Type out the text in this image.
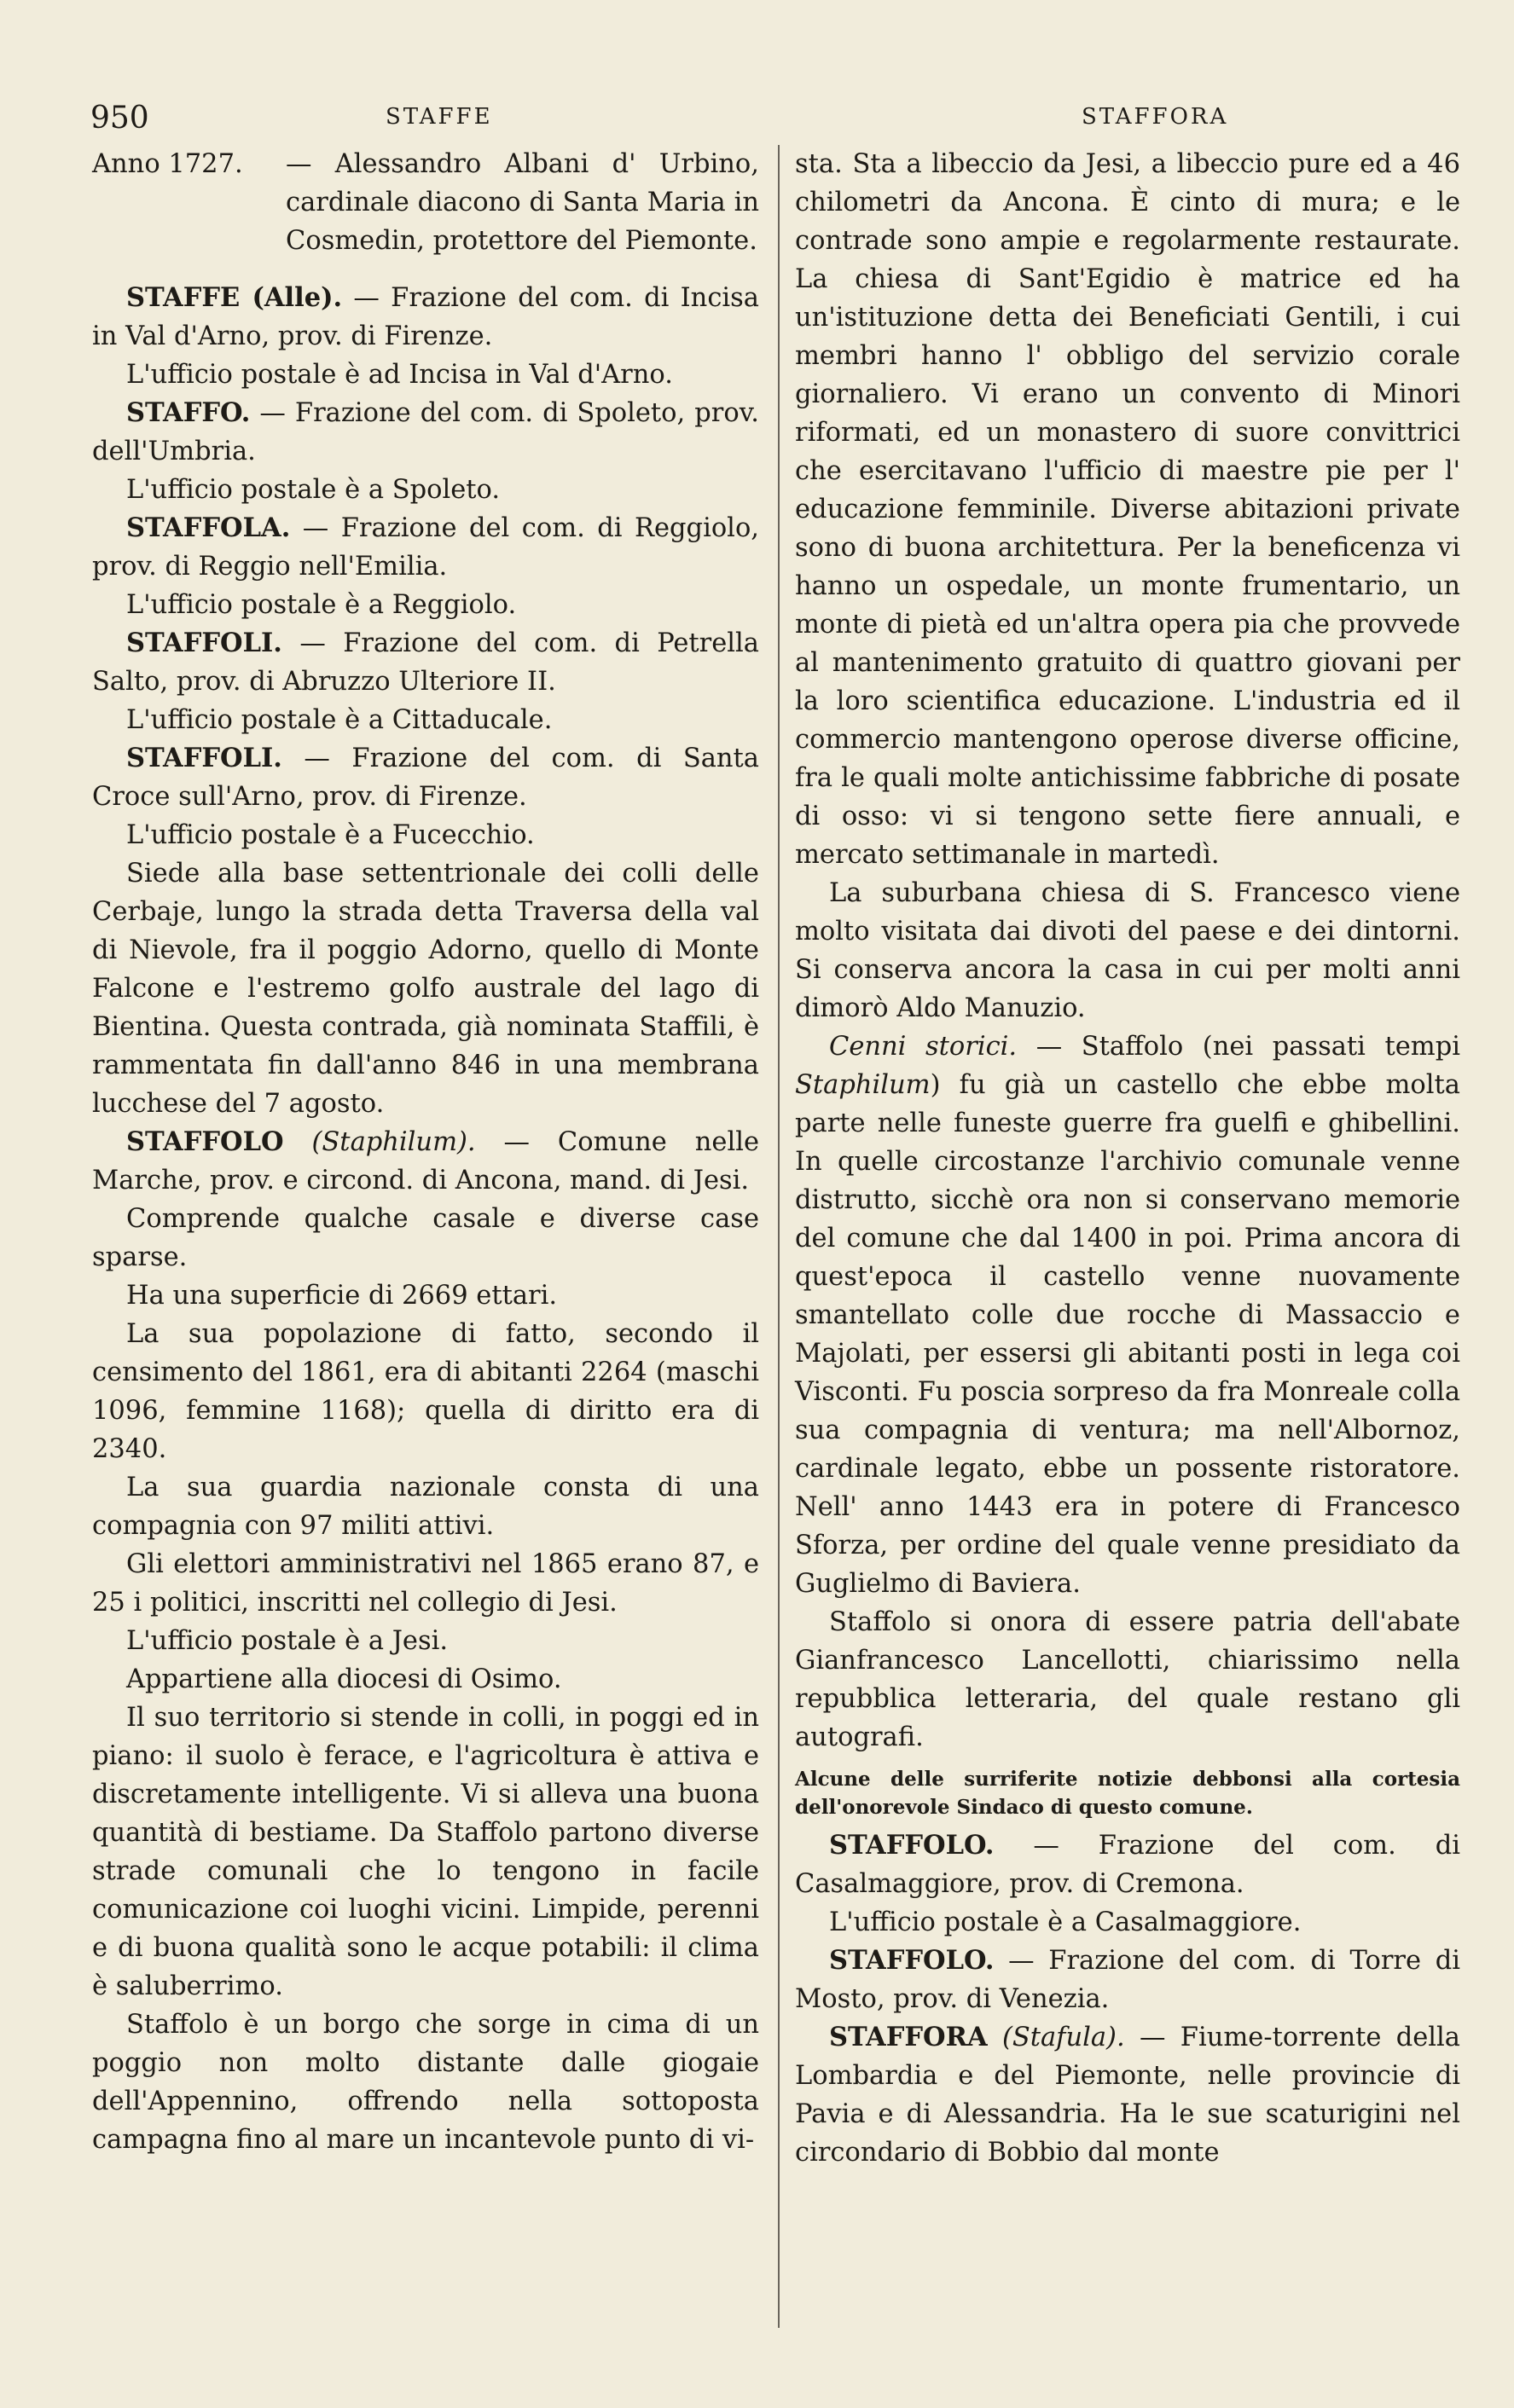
950	STAFFE	STAFFORA

Anno 1727. — Alessandro Albani d' Urbino, cardinale diacono di Santa Maria in Cosmedin, protettore del Piemonte.

STAFFE (Alle). — Frazione del com. di Incisa in Val d'Arno, prov. di Firenze.

L'ufficio postale è ad Incisa in Val d'Arno.

STAFFO. — Frazione del com. di Spoleto, prov. dell'Umbria.

L'ufficio postale è a Spoleto.

STAFFOLA. — Frazione del com. di Reggiolo, prov. di Reggio nell'Emilia.

L'ufficio postale è a Reggiolo.

STAFFOLI. — Frazione del com. di Petrella Salto, prov. di Abruzzo Ulteriore II.

L'ufficio postale è a Cittaducale.

STAFFOLI. — Frazione del com. di Santa Croce sull'Arno, prov. di Firenze.

L'ufficio postale è a Fucecchio.

Siede alla base settentrionale dei colli delle Cerbaje, lungo la strada detta Traversa della val di Nievole, fra il poggio Adorno, quello di Monte Falcone e l'estremo golfo australe del lago di Bientina. Questa contrada, già nominata Staffili, è rammentata fin dall'anno 846 in una membrana lucchese del 7 agosto.

STAFFOLO (Staphilum). — Comune nelle Marche, prov. e circond. di Ancona, mand. di Jesi.

Comprende qualche casale e diverse case sparse.

Ha una superficie di 2669 ettari.

La sua popolazione di fatto, secondo il censimento del 1861, era di abitanti 2264 (maschi 1096, femmine 1168); quella di diritto era di 2340.

La sua guardia nazionale consta di una compagnia con 97 militi attivi.

Gli elettori amministrativi nel 1865 erano 87, e 25 i politici, inscritti nel collegio di Jesi.

L'ufficio postale è a Jesi.

Appartiene alla diocesi di Osimo.

Il suo territorio si stende in colli, in poggi ed in piano: il suolo è ferace, e l'agricoltura è attiva e discretamente intelligente. Vi si alleva una buona quantità di bestiame. Da Staffolo partono diverse strade comunali che lo tengono in facile comunicazione coi luoghi vicini. Limpide, perenni e di buona qualità sono le acque potabili: il clima è saluberrimo.

Staffolo è un borgo che sorge in cima di un poggio non molto distante dalle giogaie dell'Appennino, offrendo nella sottoposta campagna fino al mare un incantevole punto di vi-

sta. Sta a libeccio da Jesi, a libeccio pure ed a 46 chilometri da Ancona. È cinto di mura; e le contrade sono ampie e regolarmente restaurate. La chiesa di Sant'Egidio è matrice ed ha un'istituzione detta dei Beneficiati Gentili, i cui membri hanno l' obbligo del servizio corale giornaliero. Vi erano un convento di Minori riformati, ed un monastero di suore convittrici che esercitavano l'ufficio di maestre pie per l' educazione femminile. Diverse abitazioni private sono di buona architettura. Per la beneficenza vi hanno un ospedale, un monte frumentario, un monte di pietà ed un'altra opera pia che provvede al mantenimento gratuito di quattro giovani per la loro scientifica educazione. L'industria ed il commercio mantengono operose diverse officine, fra le quali molte antichissime fabbriche di posate di osso: vi si tengono sette fiere annuali, e mercato settimanale in martedì.

La suburbana chiesa di S. Francesco viene molto visitata dai divoti del paese e dei dintorni. Si conserva ancora la casa in cui per molti anni dimorò Aldo Manuzio.

Cenni storici. — Staffolo (nei passati tempi Staphilum) fu già un castello che ebbe molta parte nelle funeste guerre fra guelfi e ghibellini. In quelle circostanze l'archivio comunale venne distrutto, sicchè ora non si conservano memorie del comune che dal 1400 in poi. Prima ancora di quest'epoca il castello venne nuovamente smantellato colle due rocche di Massaccio e Majolati, per essersi gli abitanti posti in lega coi Visconti. Fu poscia sorpreso da fra Monreale colla sua compagnia di ventura; ma nell'Albornoz, cardinale legato, ebbe un possente ristoratore. Nell' anno 1443 era in potere di Francesco Sforza, per ordine del quale venne presidiato da Guglielmo di Baviera.

Staffolo si onora di essere patria dell'abate Gianfrancesco Lancellotti, chiarissimo nella repubblica letteraria, del quale restano gli autografi.

Alcune delle surriferite notizie debbonsi alla cortesia dell'onorevole Sindaco di questo comune.

STAFFOLO. — Frazione del com. di Casalmaggiore, prov. di Cremona.

L'ufficio postale è a Casalmaggiore.

STAFFOLO. — Frazione del com. di Torre di Mosto, prov. di Venezia.

STAFFORA (Stafula). — Fiume-torrente della Lombardia e del Piemonte, nelle provincie di Pavia e di Alessandria. Ha le sue scaturigini nel circondario di Bobbio dal monte
